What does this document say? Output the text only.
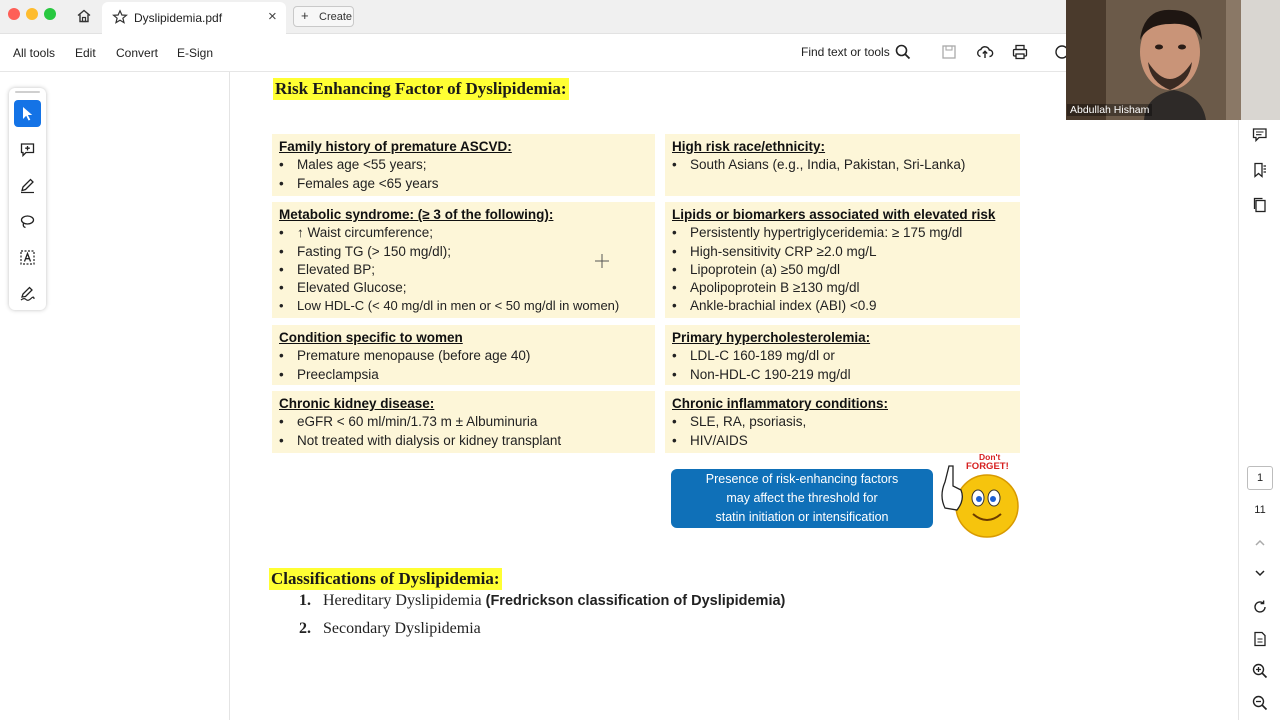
Dyslipidemia.pdf	× + Create
All tools Edit Convert E-Sign	Find text or tools
Risk Enhancing Factor of Dyslipidemia:
Family history of premature ASCVD:
• Males age <55 years;
• Females age <65 years
High risk race/ethnicity:
• South Asians (e.g., India, Pakistan, Sri-Lanka)
Metabolic syndrome: (≥ 3 of the following):
• ↑ Waist circumference;
• Fasting TG (> 150 mg/dl);
• Elevated BP;
• Elevated Glucose;
• Low HDL-C (< 40 mg/dl in men or < 50 mg/dl in women)
Lipids or biomarkers associated with elevated risk
• Persistently hypertriglyceridemia: ≥ 175 mg/dl
• High-sensitivity CRP ≥2.0 mg/L
• Lipoprotein (a) ≥50 mg/dl
• Apolipoprotein B ≥130 mg/dl
• Ankle-brachial index (ABI) <0.9
Condition specific to women
• Premature menopause (before age 40)
• Preeclampsia
Primary hypercholesterolemia:
• LDL-C 160-189 mg/dl or
• Non-HDL-C 190-219 mg/dl
Chronic kidney disease:
• eGFR < 60 ml/min/1.73 m ± Albuminuria
• Not treated with dialysis or kidney transplant
Chronic inflammatory conditions:
• SLE, RA, psoriasis,
• HIV/AIDS
Presence of risk-enhancing factors
may affect the threshold for
statin initiation or intensification
Don't
FORGET!
Classifications of Dyslipidemia:
1. Hereditary Dyslipidemia (Fredrickson classification of Dyslipidemia)
2. Secondary Dyslipidemia
1
11
Abdullah Hisham
